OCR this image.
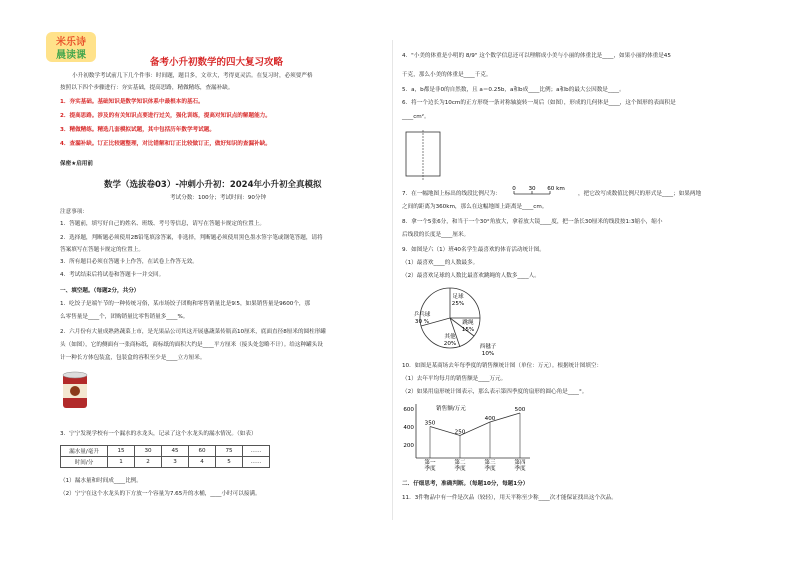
米乐诗
晨读课
备考小升初数学的四大复习攻略
小升初数学考试前几下几个件事：时间题，题目多，文章大，考得更灵活。在复习时，必须要严格
按照以下四个步骤进行：夯实基础，提高思路，精做精练，查漏补缺。
1．夯实基础。基础知识是数学知识体系中最根本的基石。
2．提高思路。涉及的有关知识点要进行过关，强化训练，提高对知识点的解题能力。
3．精做精练。精选几套模拟试题，其中包括历年数学考试题。
4．查漏补缺。订正比较题整理，对比错解和订正比较做订正，做好知识的查漏补缺。
保密★启用前
数学（选拔卷03）-冲刺小升初：2024年小升初全真模拟
考试分数：100分；考试时间：90分钟
注意事项：
1．答题前，填写好自己的姓名、班级、考号等信息，请写在答题卡规定的位置上。
2．选择题，判断题必须使用2B铅笔填涂答案，非选择，判断题必须使用黑色墨水签字笔或钢笔答题，请将
答案填写在答题卡规定的位置上。
3．所有题目必须在答题卡上作答，在试卷上作答无效。
4．考试结束后将试卷和答题卡一并交回。
一、填空题。（每题2分，共分）
1．吃饺子是端午节的一种传统习俗，某市场饺子团购和零售销量比是9∶5，如果销售量是9600个，那
么零售量是____个，团购销量比零售销量多____%。
2．六月份有大量成熟熟蔬菜上市，是光果品公司其这开展惠蔬菜传瓶高10厘米，底面直径8厘米的圆柱形罐
头（如图），它的侧面有一张商标纸，商标纸的面积大约是____平方厘米（接头处忽略不计）。给这种罐头设
计一种长方体包装盒，包装盒的容积至少是____立方厘米。
3．宁宁发现学校有一个漏水的水龙头，记录了这个水龙头的漏水情况。（如表）
漏水量/毫升	15	30	45	60	75	……
时间/分	1	2	3	4	5	……
（1）漏水量和时间成____比例。
（2）宁宁在这个水龙头的下方放一个容量为7.65升的水桶，____小时可以接满。
4．"小美的体重是小明的 8/9" 这个数学信息还可以理解成小美与小丽的体重比是____，如果小丽的体重是45
千克，那么小美的体重是____千克。
5．a，b都是非0的自然数，且 a＝0.25b，a和b成____比例；a和b的最大公因数是____。
6．将一个边长为10cm的正方形绕一条对称轴旋转一周后（如图），形成的几何体是____，这个图形的表面积是
____cm²。
7．在一幅地图上标出的线段比例尺为：
0 30 60 km
，把它改写成数值比例尺的形式是____；如果两地
之间的距离为360km，那么在这幅地图上距离是____cm。
8．拿一个5张6分，和当于一个30°角放大，拿着放大镜____度，把一条长30厘米的线段按1:3缩小，缩小
后线段的长度是____厘米。
9．如图是六（1）班40名学生最喜欢的体育活动统计图。
（1）最喜欢____的人数最多。
（2）最喜欢足球的人数比最喜欢跳绳的人数多____人。
足球
25%
跳绳
15%
其他
20%
乒乓球
30 %
西毽子
10%
10．如图是某商场去年每季度的销售额统计图（单位：万元）。根据统计图填空：
（1）去年平均每月的销售额是____万元。
（2）如果用扇形统计图表示，那么表示第四季度的扇形的圆心角是____°。
销售额/万元
600
400
200
350
第一
季度
250
第二
季度
400
第三
季度
500
第四
季度
二．仔细思考，准确判断。（每题10分，每题1分）
11．3件物品中有一件是次品（较轻），用天平称至少称____次才能保证找出这个次品。
